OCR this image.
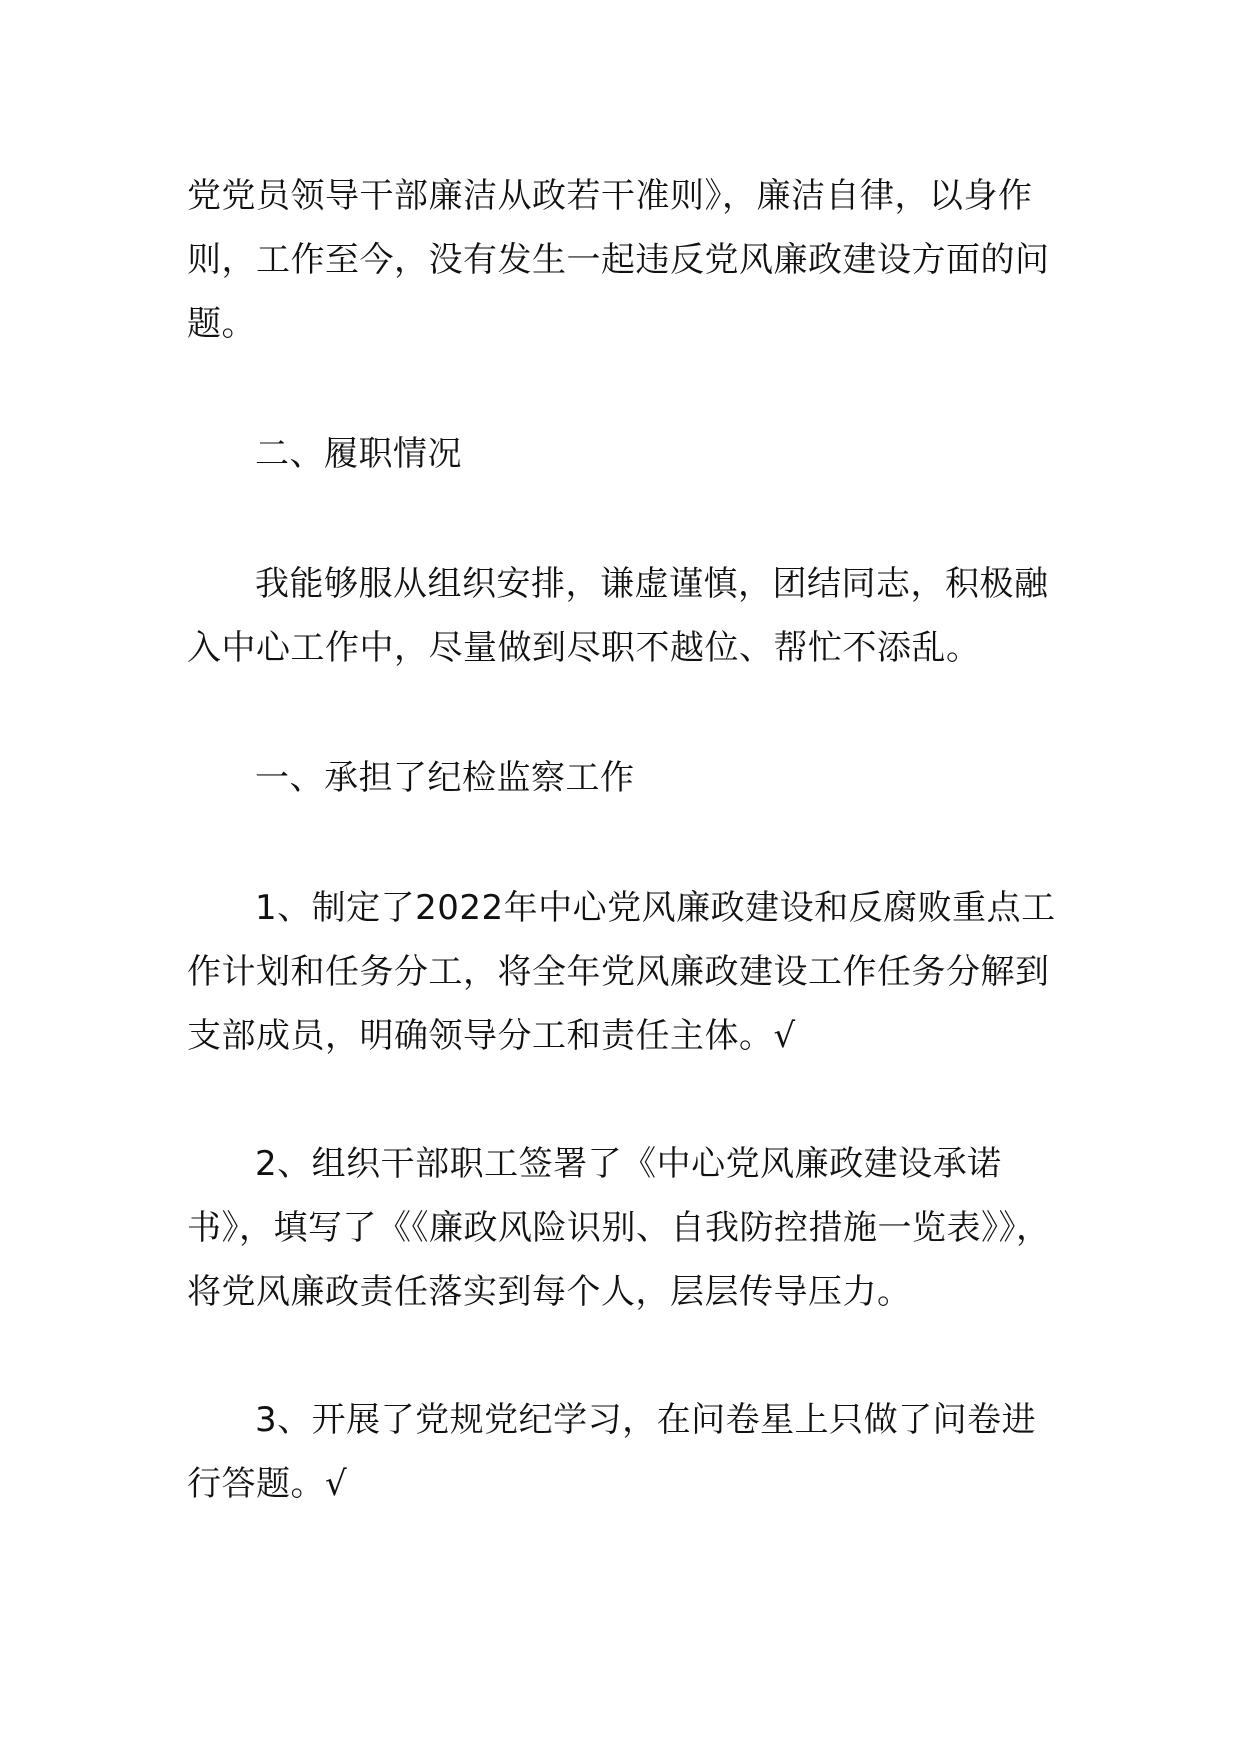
党党员领导干部廉洁从政若干准则》，廉洁自律，以身作则，工作至今，没有发生一起违反党风廉政建设方面的问题。

二、履职情况

我能够服从组织安排，谦虚谨慎，团结同志，积极融入中心工作中，尽量做到尽职不越位、帮忙不添乱。

一、承担了纪检监察工作

1、制定了2022年中心党风廉政建设和反腐败重点工作计划和任务分工，将全年党风廉政建设工作任务分解到支部成员，明确领导分工和责任主体。√

2、组织干部职工签署了《中心党风廉政建设承诺书》，填写了《《廉政风险识别、自我防控措施一览表》》，将党风廉政责任落实到每个人，层层传导压力。

3、开展了党规党纪学习，在问卷星上只做了问卷进行答题。√
